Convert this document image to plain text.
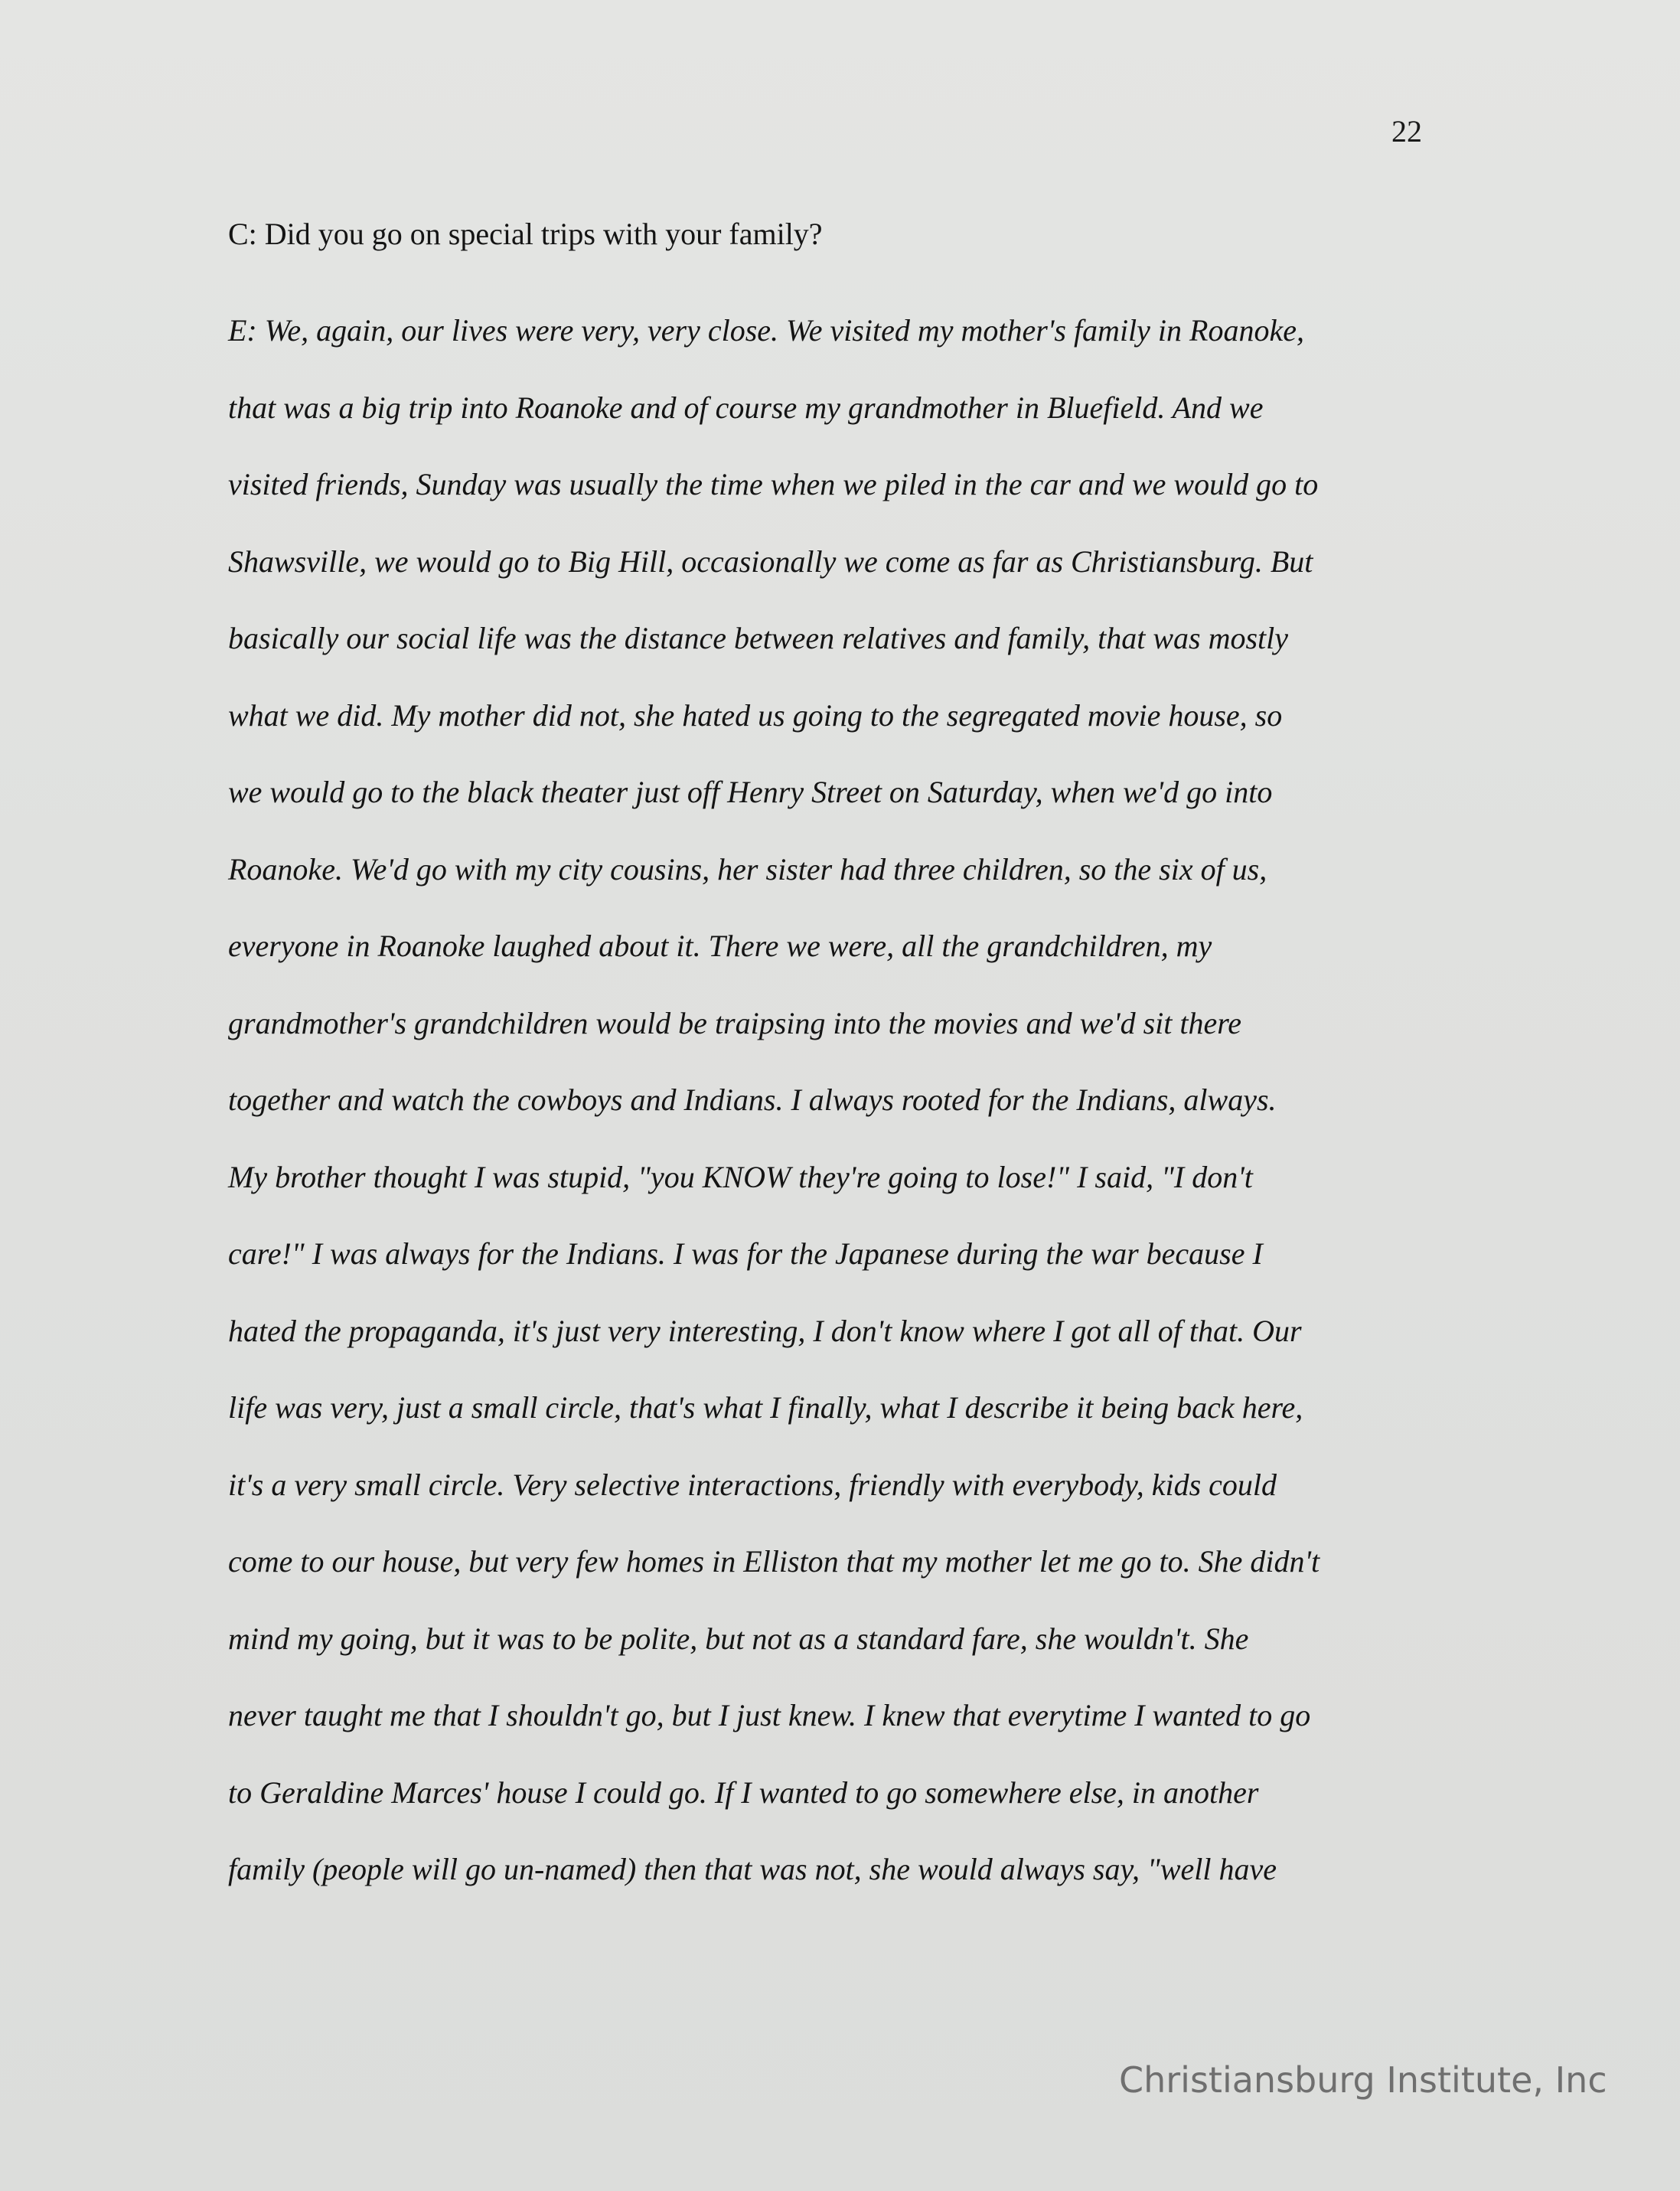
22
C: Did you go on special trips with your family?
E: We, again, our lives were very, very close. We visited my mother's family in Roanoke,
that was a big trip into Roanoke and of course my grandmother in Bluefield. And we
visited friends, Sunday was usually the time when we piled in the car and we would go to
Shawsville, we would go to Big Hill, occasionally we come as far as Christiansburg. But
basically our social life was the distance between relatives and family, that was mostly
what we did. My mother did not, she hated us going to the segregated movie house, so
we would go to the black theater just off Henry Street on Saturday, when we'd go into
Roanoke. We'd go with my city cousins, her sister had three children, so the six of us,
everyone in Roanoke laughed about it. There we were, all the grandchildren, my
grandmother's grandchildren would be traipsing into the movies and we'd sit there
together and watch the cowboys and Indians. I always rooted for the Indians, always.
My brother thought I was stupid, "you KNOW they're going to lose!" I said, "I don't
care!" I was always for the Indians. I was for the Japanese during the war because I
hated the propaganda, it's just very interesting, I don't know where I got all of that. Our
life was very, just a small circle, that's what I finally, what I describe it being back here,
it's a very small circle. Very selective interactions, friendly with everybody, kids could
come to our house, but very few homes in Elliston that my mother let me go to. She didn't
mind my going, but it was to be polite, but not as a standard fare, she wouldn't. She
never taught me that I shouldn't go, but I just knew. I knew that everytime I wanted to go
to Geraldine Marces' house I could go. If I wanted to go somewhere else, in another
family (people will go un-named) then that was not, she would always say, "well have
Christiansburg Institute, Inc
